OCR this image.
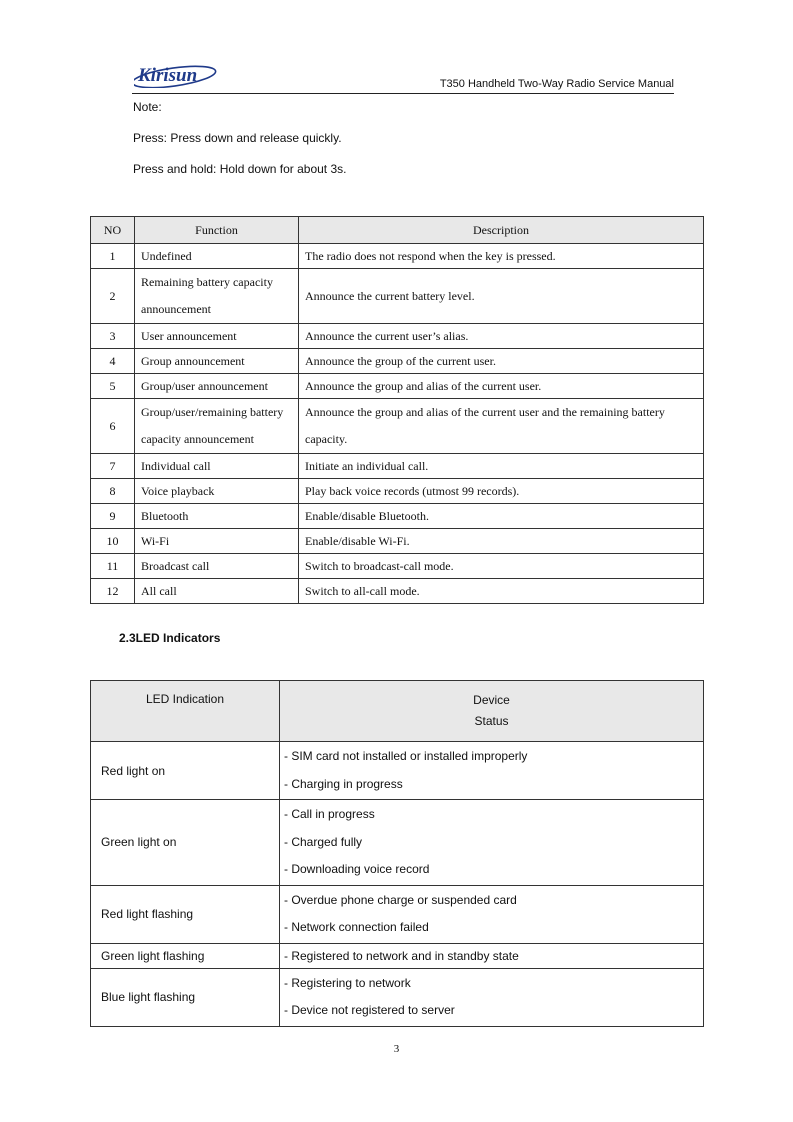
Kirisun	T350 Handheld Two-Way Radio Service Manual
Note:
Press: Press down and release quickly.
Press and hold: Hold down for about 3s.
NO	Function	Description
1	Undefined	The radio does not respond when the key is pressed.
2	Remaining battery capacity announcement	Announce the current battery level.
3	User announcement	Announce the current user’s alias.
4	Group announcement	Announce the group of the current user.
5	Group/user announcement	Announce the group and alias of the current user.
6	Group/user/remaining battery capacity announcement	Announce the group and alias of the current user and the remaining battery capacity.
7	Individual call	Initiate an individual call.
8	Voice playback	Play back voice records (utmost 99 records).
9	Bluetooth	Enable/disable Bluetooth.
10	Wi-Fi	Enable/disable Wi-Fi.
11	Broadcast call	Switch to broadcast-call mode.
12	All call	Switch to all-call mode.
2.3LED Indicators
LED Indication	Device
Status

Red light on	- SIM card not installed or installed improperly
- Charging in progress

Green light on	- Call in progress
- Charged fully
- Downloading voice record

Red light flashing	- Overdue phone charge or suspended card
- Network connection failed

Green light flashing	- Registered to network and in standby state

Blue light flashing	- Registering to network
- Device not registered to server
3
